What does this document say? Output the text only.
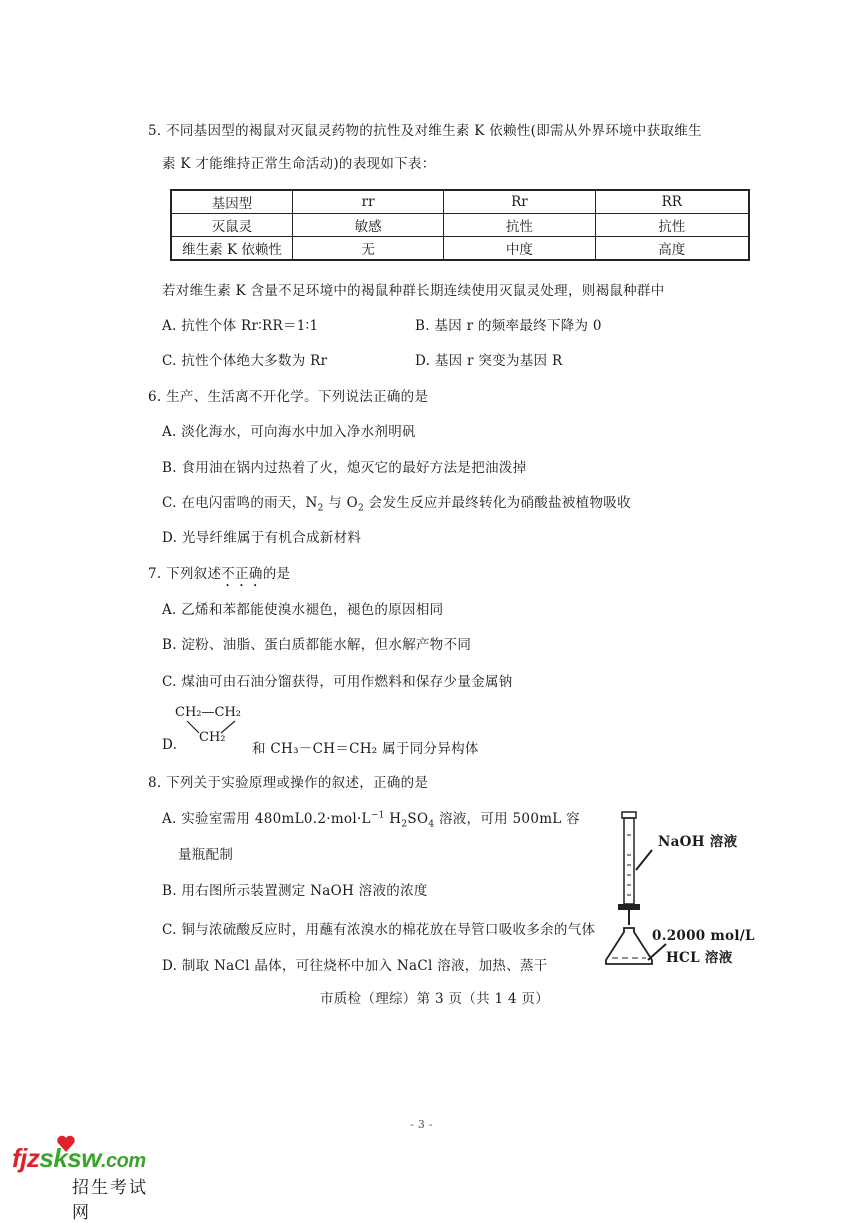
5. 不同基因型的褐鼠对灭鼠灵药物的抗性及对维生素 K 依赖性(即需从外界环境中获取维生
素 K 才能维持正常生命活动)的表现如下表：
基因型	rr	Rr	RR
灭鼠灵	敏感	抗性	抗性
维生素 K 依赖性	无	中度	高度
若对维生素 K 含量不足环境中的褐鼠种群长期连续使用灭鼠灵处理，则褐鼠种群中
A. 抗性个体 Rr∶RR＝1∶1	B. 基因 r 的频率最终下降为 0
C. 抗性个体绝大多数为 Rr	D. 基因 r 突变为基因 R
6. 生产、生活离不开化学。下列说法正确的是
A. 淡化海水，可向海水中加入净水剂明矾
B. 食用油在锅内过热着了火，熄灭它的最好方法是把油泼掉
C. 在电闪雷鸣的雨天，$N_2$ 与 $O_2$ 会发生反应并最终转化为硝酸盐被植物吸收
D. 光导纤维属于有机合成新材料
7. 下列叙述不正确的是
A. 乙烯和苯都能使溴水褪色，褪色的原因相同
B. 淀粉、油脂、蛋白质都能水解，但水解产物不同
C. 煤油可由石油分馏获得，可用作燃料和保存少量金属钠
D.
CH₂—CH₂
CH₂
和 CH₃－CH＝CH₂ 属于同分异构体
8. 下列关于实验原理或操作的叙述，正确的是
A. 实验室需用 $480mL0.2\cdot mol\cdot L^{-1}$ $H_2SO_4$ 溶液，可用 500mL 容
量瓶配制
B. 用右图所示装置测定 NaOH 溶液的浓度
C. 铜与浓硫酸反应时，用蘸有浓溴水的棉花放在导管口吸收多余的气体
D. 制取 NaCl 晶体，可往烧杯中加入 NaCl 溶液，加热、蒸干
NaOH 溶液
0.2000 mol/L
HCL 溶液
市质检（理综）第 3 页（共 1 4 页）
- 3 -
fjzsksw.com
招生考试网
